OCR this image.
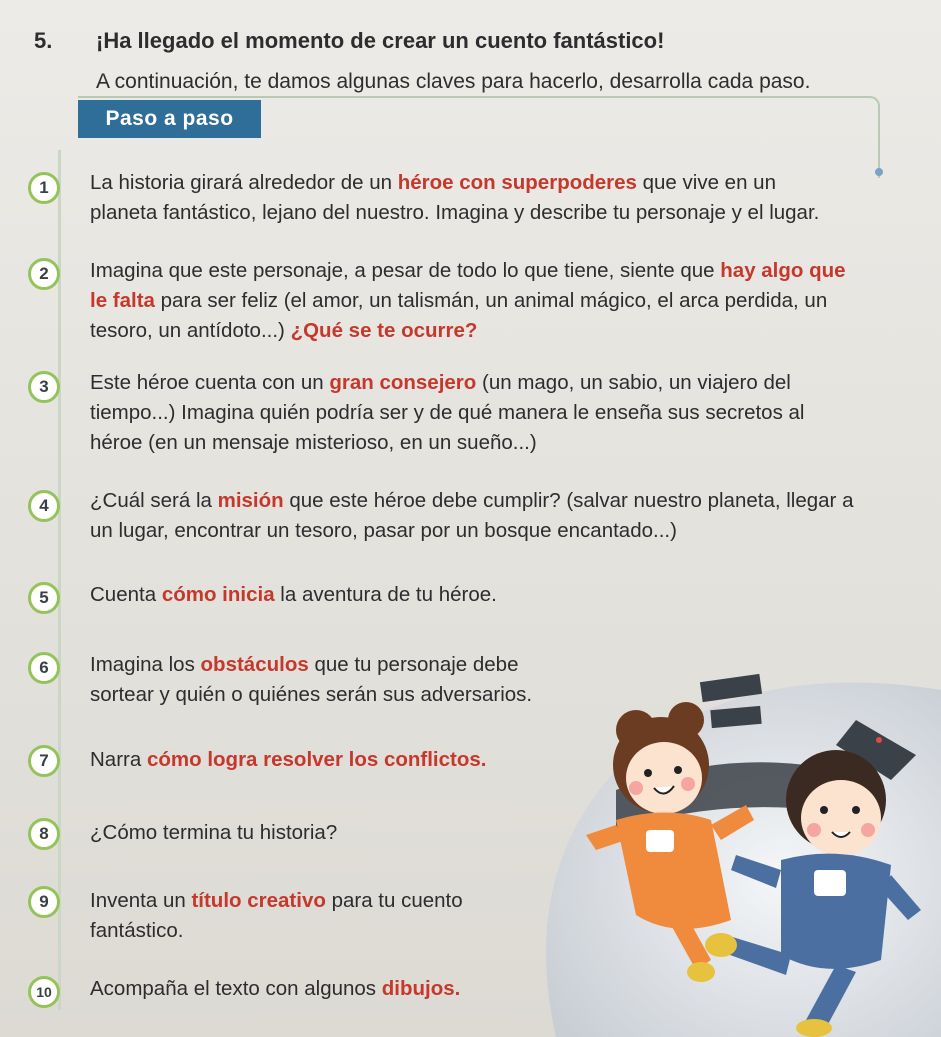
5. ¡Ha llegado el momento de crear un cuento fantástico!
A continuación, te damos algunas claves para hacerlo, desarrolla cada paso.
Paso a paso
1	La historia girará alrededor de un héroe con superpoderes que vive en un
planeta fantástico, lejano del nuestro. Imagina y describe tu personaje y el lugar.
2	Imagina que este personaje, a pesar de todo lo que tiene, siente que hay algo que
le falta para ser feliz (el amor, un talismán, un animal mágico, el arca perdida, un
tesoro, un antídoto...) ¿Qué se te ocurre?
3	Este héroe cuenta con un gran consejero (un mago, un sabio, un viajero del
tiempo...) Imagina quién podría ser y de qué manera le enseña sus secretos al
héroe (en un mensaje misterioso, en un sueño...)
4	¿Cuál será la misión que este héroe debe cumplir? (salvar nuestro planeta, llegar a
un lugar, encontrar un tesoro, pasar por un bosque encantado...)
5	Cuenta cómo inicia la aventura de tu héroe.
6	Imagina los obstáculos que tu personaje debe
sortear y quién o quiénes serán sus adversarios.
7	Narra cómo logra resolver los conflictos.
8	¿Cómo termina tu historia?
9	Inventa un título creativo para tu cuento
fantástico.
10	Acompaña el texto con algunos dibujos.
